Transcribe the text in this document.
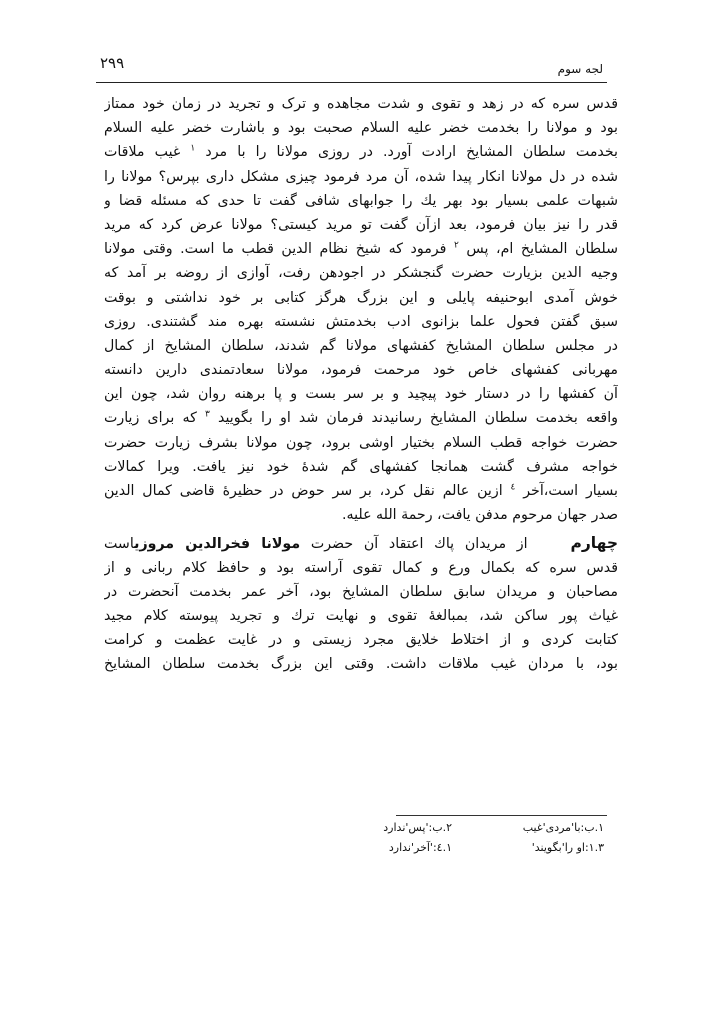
۲۹۹	لجه سوم
قدس سره که در زهد و تقوی و شدت مجاهده و ترک و تجرید در زمان خود ممتاز
بود و مولانا را بخدمت خضر علیه السلام صحبت بود و باشارت خضر علیه السلام
بخدمت سلطان المشایخ ارادت آورد. در روزی مولانا را با مرد $^۱$ غیب ملاقات
شده در دل مولانا انکار پیدا شده، آن مرد فرمود چیزی مشکل داری بپرس؟ مولانا را
شبهات علمی بسیار بود بهر یك را جوابهای شافی گفت تا حدی که مسئله قضا و
قدر را نیز بیان فرمود، بعد ازآن گفت تو مرید کیستی؟ مولانا عرض کرد که مرید
سلطان المشایخ ام، پس $^۲$ فرمود که شیخ نظام الدین قطب ما است. وقتی مولانا
وجیه الدین بزیارت حضرت گنجشکر در اجودهن رفت، آوازی از روضه بر آمد که
خوش آمدی ابوحنیفه پایلی و این بزرگ هرگز کتابی بر خود نداشتی و بوقت
سبق گفتن فحول علما بزانوی ادب بخدمتش نشسته بهره مند گشتندی. روزی
در مجلس سلطان المشایخ کفشهای مولانا گم شدند، سلطان المشایخ از کمال
مهربانی کفشهای خاص خود مرحمت فرمود، مولانا سعادتمندی دارین دانسته
آن کفشها را در دستار خود پیچید و بر سر بست و پا برهنه روان شد، چون این
واقعه بخدمت سلطان المشایخ رسانیدند فرمان شد او را بگویید $^۳$ که برای زیارت
حضرت خواجه قطب السلام بختیار اوشی برود، چون مولانا بشرف زیارت حضرت
خواجه مشرف گشت همانجا کفشهای گم شدهٔ خود نیز یافت. ویرا کمالات
بسیار است،آخر $^٤$ ازین عالم نقل کرد، بر سر حوض در حظیرهٔ قاضی کمال الدین
صدر جهان مرحوم مدفن یافت، رحمة الله علیه.
چهارم    از مریدان پاك اعتقاد آن حضرت مولانا فخرالدین مروزیاست
قدس سره که بکمال ورع و کمال تقوی آراسته بود و حافظ کلام ربانی و از
مصاحبان و مریدان سابق سلطان المشایخ بود، آخر عمر بخدمت آنحضرت در
غیاث پور ساکن شد، بمبالغهٔ تقوی و نهایت ترك و تجرید پیوسته کلام مجید
کتابت کردی و از اختلاط خلایق مجرد زیستی و در غایت عظمت و کرامت
بود، با مردان غیب ملاقات داشت. وقتی این بزرگ بخدمت سلطان المشایخ
۱.ب:با'مردی'غیب
۲.ب:'پس'ندارد
۱.۳:او را'بگویند'
۱.٤:'آخر'ندارد
